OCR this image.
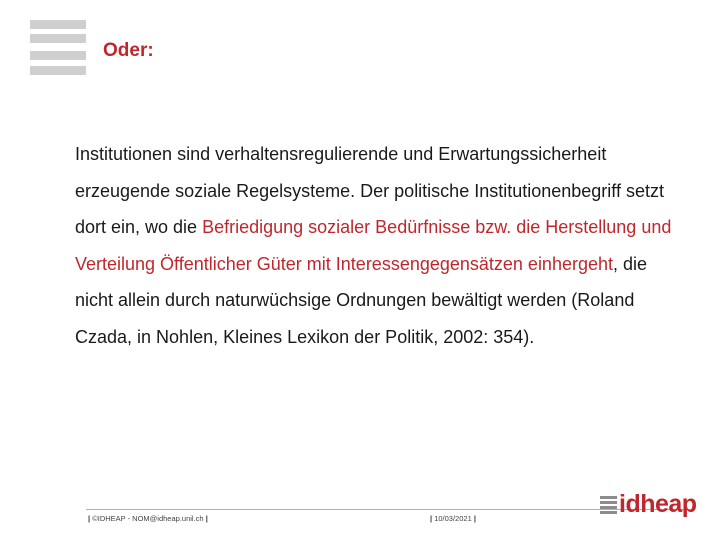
Oder:
Institutionen sind verhaltensregulierende und Erwartungssicherheit erzeugende soziale Regelsysteme. Der politische Institutionenbegriff setzt dort ein, wo die Befriedigung sozialer Bedürfnisse bzw. die Herstellung und Verteilung Öffentlicher Güter mit Interessengegensätzen einhergeht, die nicht allein durch naturwüchsige Ordnungen bewältigt werden (Roland Czada, in Nohlen, Kleines Lexikon der Politik, 2002: 354).
| ©IDHEAP - NOM@idheap.unil.ch |	| 10/03/2021 |
idheap
